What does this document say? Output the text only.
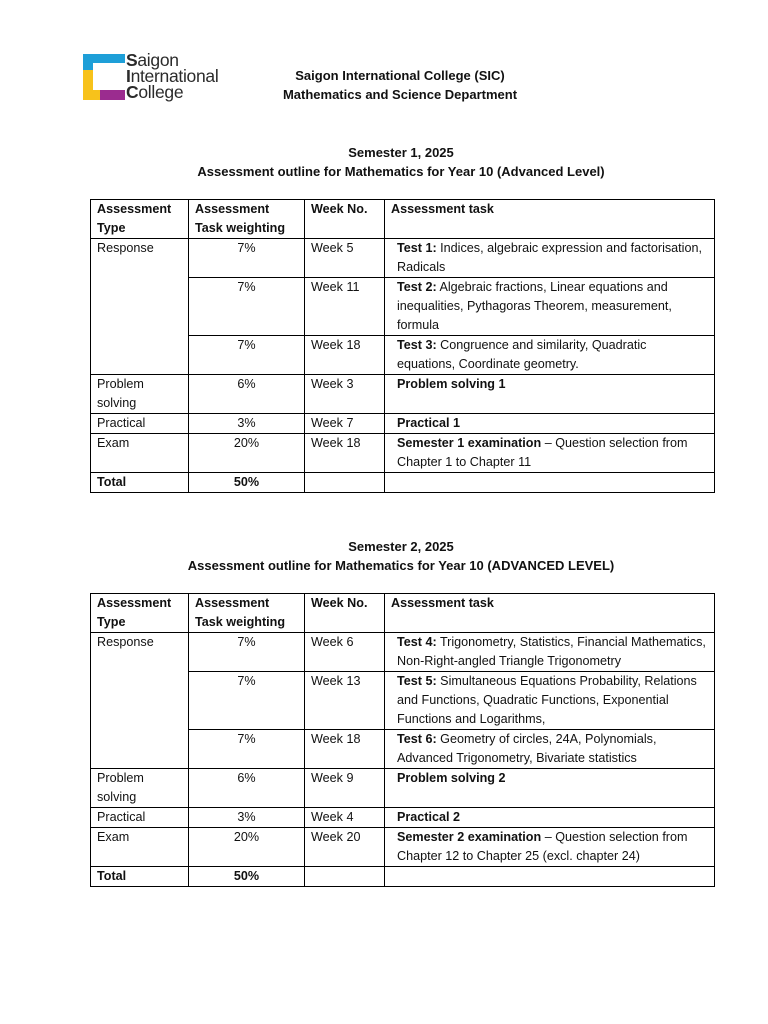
Saigon
International
College
Saigon International College (SIC)
Mathematics and Science Department
Semester 1, 2025
Assessment outline for Mathematics for Year 10 (Advanced Level)
Assessment Type	Assessment Task weighting	Week No.	Assessment task
Response	7%	Week 5	Test 1: Indices, algebraic expression and factorisation, Radicals
	7%	Week 11	Test 2: Algebraic fractions, Linear equations and inequalities, Pythagoras Theorem, measurement, formula
	7%	Week 18	Test 3: Congruence and similarity, Quadratic equations, Coordinate geometry.
Problem solving	6%	Week 3	Problem solving 1
Practical	3%	Week 7	Practical 1
Exam	20%	Week 18	Semester 1 examination – Question selection from Chapter 1 to Chapter 11
Total	50%		
Semester 2, 2025
Assessment outline for Mathematics for Year 10 (ADVANCED LEVEL)
Assessment Type	Assessment Task weighting	Week No.	Assessment task
Response	7%	Week 6	Test 4: Trigonometry, Statistics, Financial Mathematics, Non-Right-angled Triangle Trigonometry
	7%	Week 13	Test 5: Simultaneous Equations Probability, Relations and Functions, Quadratic Functions, Exponential Functions and Logarithms,
	7%	Week 18	Test 6: Geometry of circles, 24A, Polynomials, Advanced Trigonometry, Bivariate statistics
Problem solving	6%	Week 9	Problem solving 2
Practical	3%	Week 4	Practical 2
Exam	20%	Week 20	Semester 2 examination – Question selection from Chapter 12 to Chapter 25 (excl. chapter 24)
Total	50%		
